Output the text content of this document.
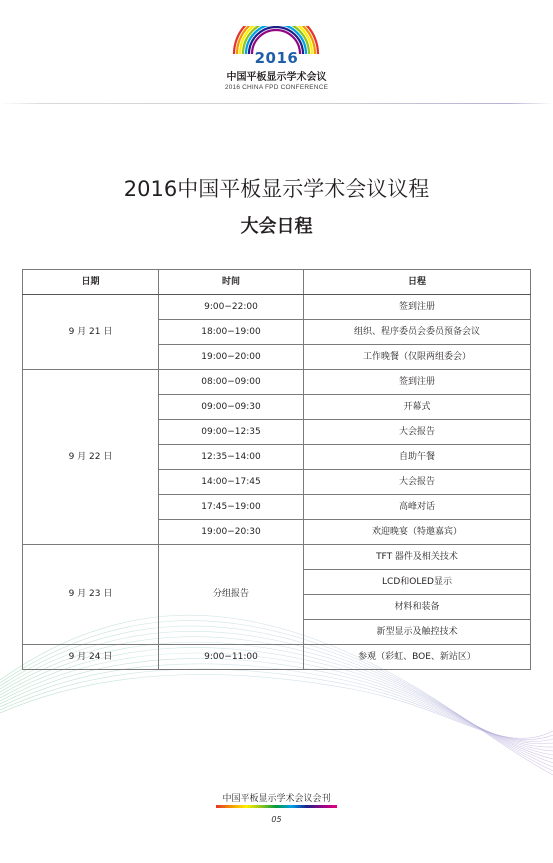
2016
中国平板显示学术会议
2016 CHINA FPD CONFERENCE
2016中国平板显示学术会议议程
大会日程
日期	时间	日程
9 月 21 日	9:00−22:00	签到注册
	18:00−19:00	组织、程序委员会委员预备会议
	19:00−20:00	工作晚餐（仅限两组委会）
9 月 22 日	08:00−09:00	签到注册
	09:00−09:30	开幕式
	09:00−12:35	大会报告
	12:35−14:00	自助午餐
	14:00−17:45	大会报告
	17:45−19:00	高峰对话
	19:00−20:30	欢迎晚宴（特邀嘉宾）
9 月 23 日	分组报告	TFT 器件及相关技术
		LCD和OLED显示
		材料和装备
		新型显示及触控技术
9 月 24 日	9:00−11:00	参观（彩虹、BOE、新站区）
中国平板显示学术会议会刊
05
